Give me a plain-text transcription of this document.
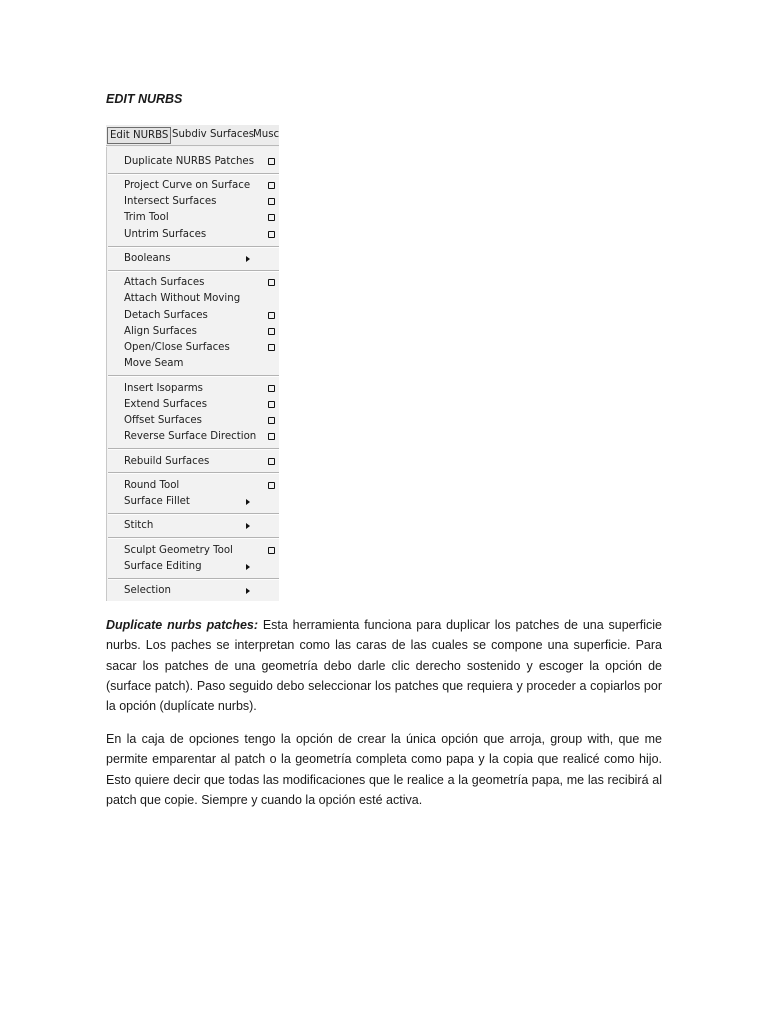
EDIT NURBS
Edit NURBS Subdiv Surfaces
Musc
Duplicate NURBS Patches
Project Curve on Surface
Intersect Surfaces
Trim Tool
Untrim Surfaces
Booleans
Attach Surfaces
Attach Without Moving
Detach Surfaces
Align Surfaces
Open/Close Surfaces
Move Seam
Insert Isoparms
Extend Surfaces
Offset Surfaces
Reverse Surface Direction
Rebuild Surfaces
Round Tool
Surface Fillet
Stitch
Sculpt Geometry Tool
Surface Editing
Selection

Duplicate nurbs patches: Esta herramienta funciona para duplicar los patches de una superficie nurbs. Los paches se interpretan como las caras de las cuales se compone una superficie. Para sacar los patches de una geometría debo darle clic derecho sostenido y escoger la opción de (surface patch). Paso seguido debo seleccionar los patches que requiera y proceder a copiarlos por la opción (duplícate nurbs).

En la caja de opciones tengo la opción de crear la única opción que arroja, group with, que me permite emparentar al patch o la geometría completa como papa y la copia que realicé como hijo. Esto quiere decir que todas las modificaciones que le realice a la geometría papa, me las recibirá al patch que copie. Siempre y cuando la opción esté activa.
